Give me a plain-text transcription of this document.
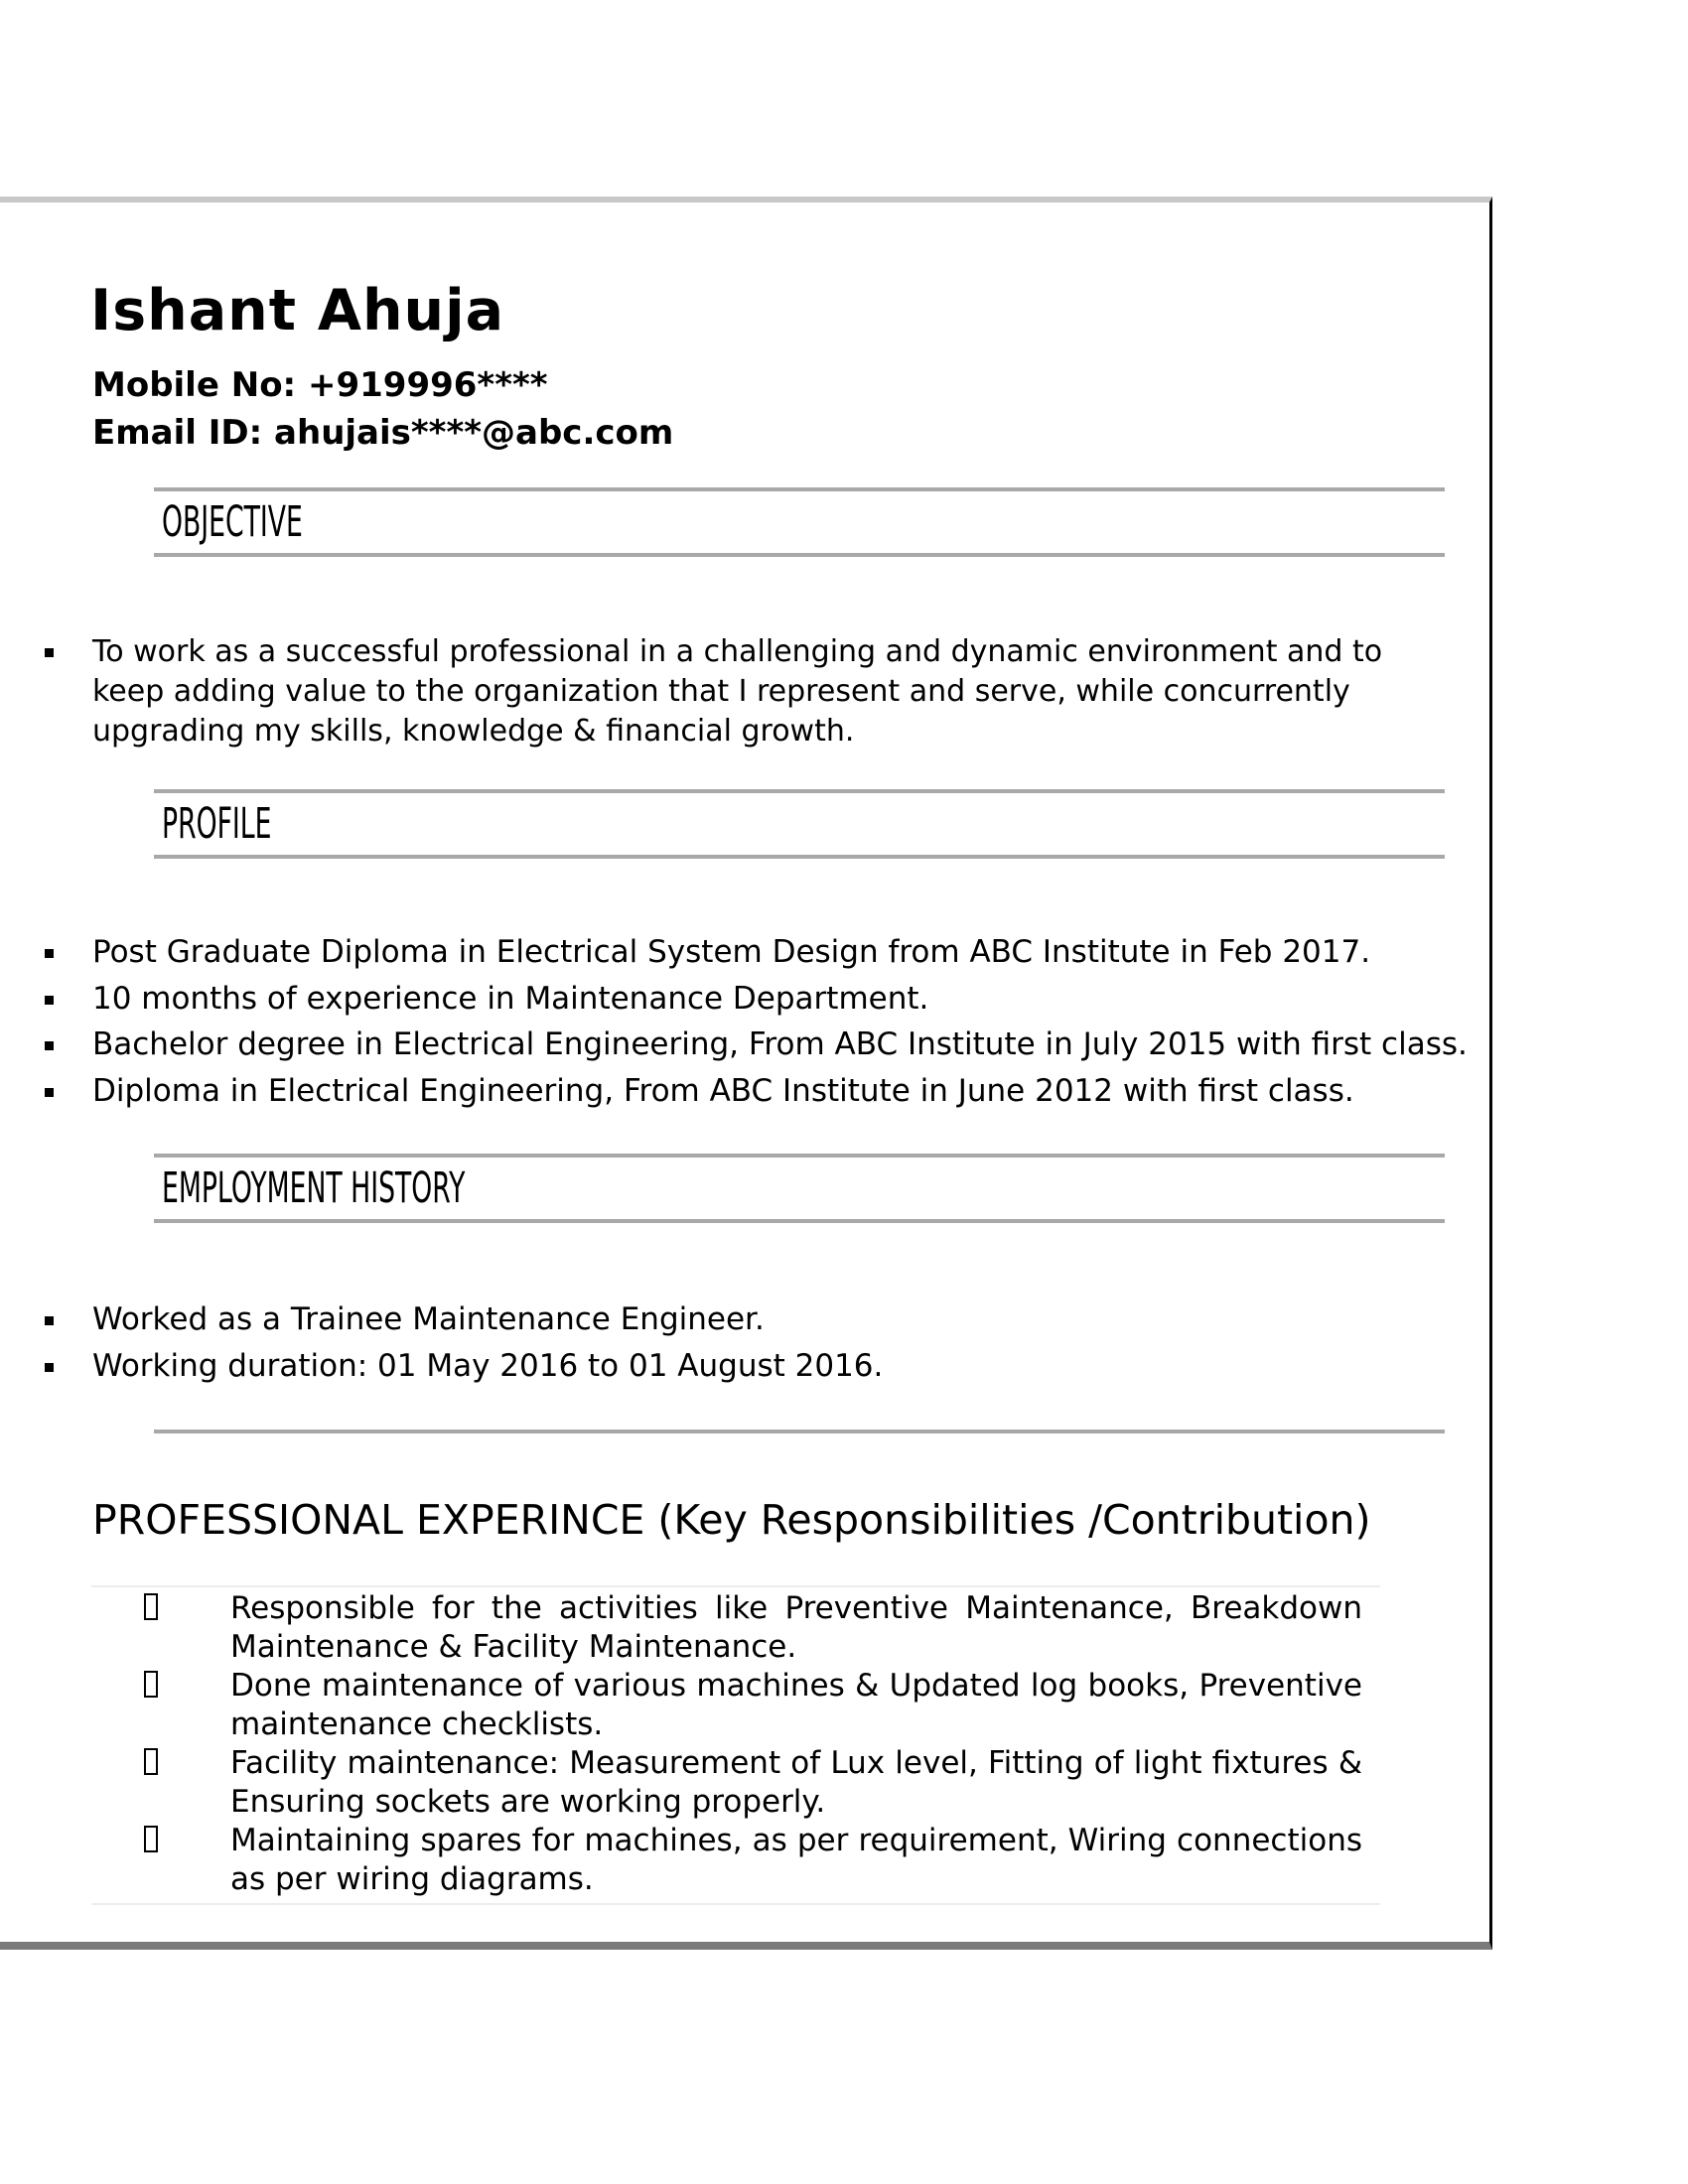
Ishant Ahuja
Mobile No: +919996****
Email ID: ahujais****@abc.com
OBJECTIVE
To work as a successful professional in a challenging and dynamic environment and to
keep adding value to the organization that I represent and serve, while concurrently
upgrading my skills, knowledge & financial growth.
PROFILE
Post Graduate Diploma in Electrical System Design from ABC Institute in Feb 2017.
10 months of experience in Maintenance Department.
Bachelor degree in Electrical Engineering, From ABC Institute in July 2015 with first class.
Diploma in Electrical Engineering, From ABC Institute in June 2012 with first class.
EMPLOYMENT HISTORY
Worked as a Trainee Maintenance Engineer.
Working duration: 01 May 2016 to 01 August 2016.
PROFESSIONAL EXPERINCE (Key Responsibilities /Contribution)
Responsible for the activities like Preventive Maintenance, Breakdown
Maintenance & Facility Maintenance.
Done maintenance of various machines & Updated log books, Preventive
maintenance checklists.
Facility maintenance: Measurement of Lux level, Fitting of light fixtures &
Ensuring sockets are working properly.
Maintaining spares for machines, as per requirement, Wiring connections
as per wiring diagrams.
